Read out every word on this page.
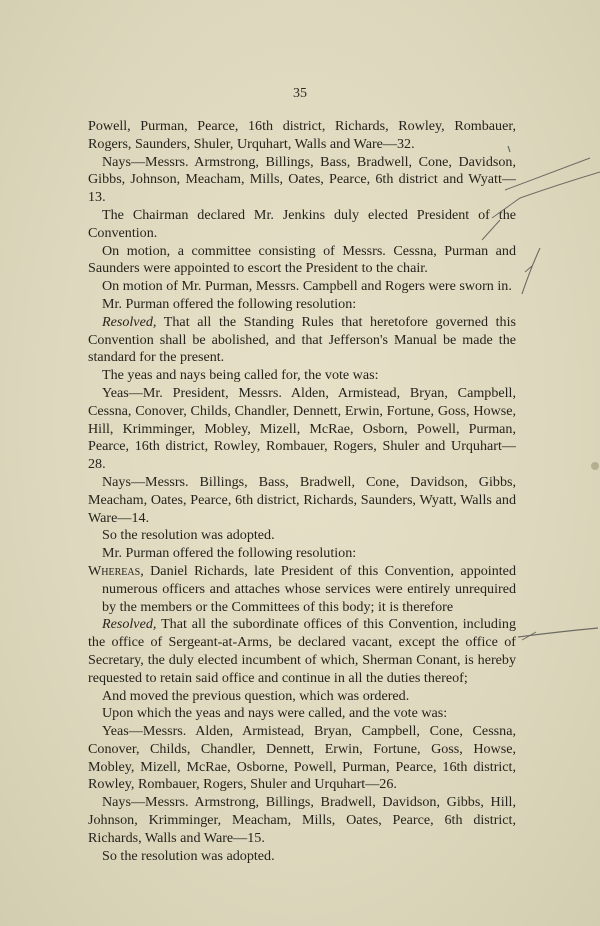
35

Powell, Purman, Pearce, 16th district, Richards, Rowley, Rombauer, Rogers, Saunders, Shuler, Urquhart, Walls and Ware—32.

Nays—Messrs. Armstrong, Billings, Bass, Bradwell, Cone, Davidson, Gibbs, Johnson, Meacham, Mills, Oates, Pearce, 6th district and Wyatt—13.

The Chairman declared Mr. Jenkins duly elected President of the Convention.

On motion, a committee consisting of Messrs. Cessna, Purman and Saunders were appointed to escort the President to the chair.

On motion of Mr. Purman, Messrs. Campbell and Rogers were sworn in.

Mr. Purman offered the following resolution:

Resolved, That all the Standing Rules that heretofore governed this Convention shall be abolished, and that Jefferson's Manual be made the standard for the present.

The yeas and nays being called for, the vote was:

Yeas—Mr. President, Messrs. Alden, Armistead, Bryan, Campbell, Cessna, Conover, Childs, Chandler, Dennett, Erwin, Fortune, Goss, Howse, Hill, Krimminger, Mobley, Mizell, McRae, Osborn, Powell, Purman, Pearce, 16th district, Rowley, Rombauer, Rogers, Shuler and Urquhart—28.

Nays—Messrs. Billings, Bass, Bradwell, Cone, Davidson, Gibbs, Meacham, Oates, Pearce, 6th district, Richards, Saunders, Wyatt, Walls and Ware—14.

So the resolution was adopted.

Mr. Purman offered the following resolution:

Whereas, Daniel Richards, late President of this Convention, appointed numerous officers and attaches whose services were entirely unrequired by the members or the Committees of this body; it is therefore

Resolved, That all the subordinate offices of this Convention, including the office of Sergeant-at-Arms, be declared vacant, except the office of Secretary, the duly elected incumbent of which, Sherman Conant, is hereby requested to retain said office and continue in all the duties thereof;

And moved the previous question, which was ordered.

Upon which the yeas and nays were called, and the vote was:

Yeas—Messrs. Alden, Armistead, Bryan, Campbell, Cone, Cessna, Conover, Childs, Chandler, Dennett, Erwin, Fortune, Goss, Howse, Mobley, Mizell, McRae, Osborne, Powell, Purman, Pearce, 16th district, Rowley, Rombauer, Rogers, Shuler and Urquhart—26.

Nays—Messrs. Armstrong, Billings, Bradwell, Davidson, Gibbs, Hill, Johnson, Krimminger, Meacham, Mills, Oates, Pearce, 6th district, Richards, Walls and Ware—15.

So the resolution was adopted.
